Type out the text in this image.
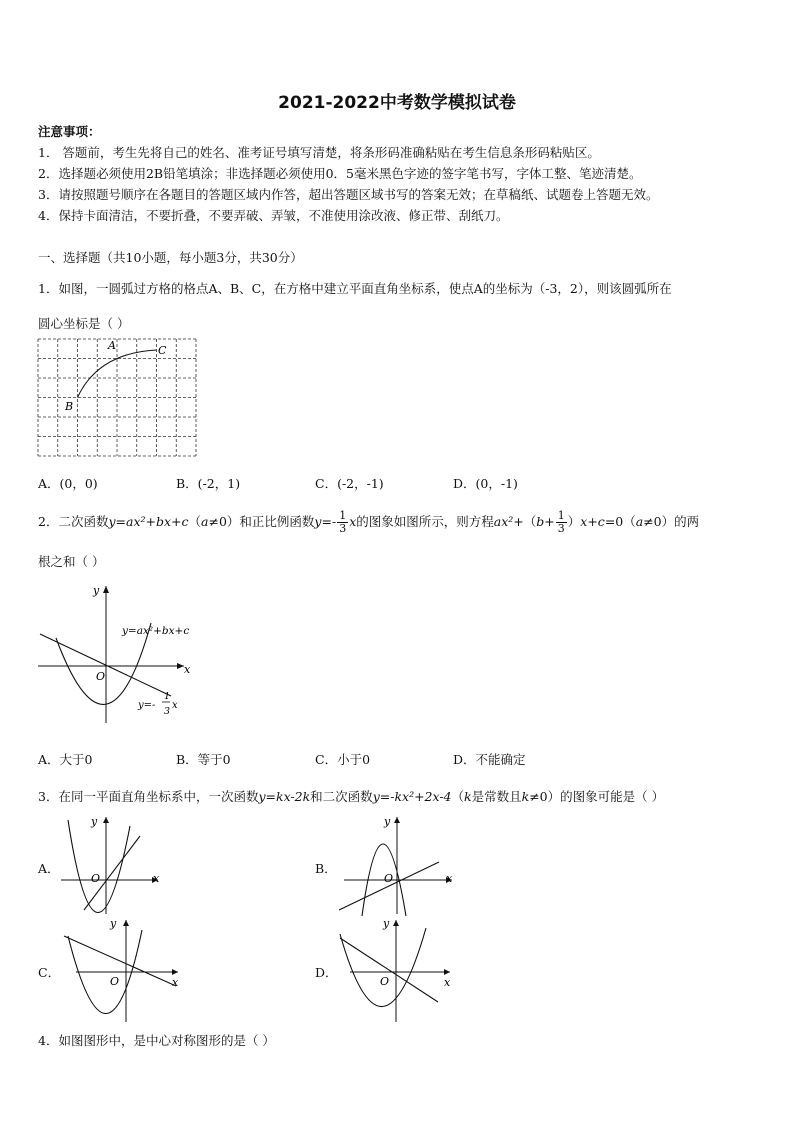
2021-2022中考数学模拟试卷
注意事项：
1． 答题前，考生先将自己的姓名、准考证号填写清楚，将条形码准确粘贴在考生信息条形码粘贴区。
2．选择题必须使用2B铅笔填涂；非选择题必须使用0．5毫米黑色字迹的签字笔书写，字体工整、笔迹清楚。
3．请按照题号顺序在各题目的答题区域内作答，超出答题区域书写的答案无效；在草稿纸、试题卷上答题无效。
4．保持卡面清洁，不要折叠，不要弄破、弄皱，不准使用涂改液、修正带、刮纸刀。
一、选择题（共10小题，每小题3分，共30分）
1．如图，一圆弧过方格的格点A、B、C，在方格中建立平面直角坐标系，使点A的坐标为（-3，2），则该圆弧所在
圆心坐标是（ ）
A	C
B
A．(0，0)	B．(-2，1)	C．(-2，-1)	D．(0，-1)
2．二次函数y=ax²+bx+c（a≠0）和正比例函数$y=- \frac{1}{3}$ x的图象如图所示，则方程$ax^2+(b+ \frac{1}{3} )x+c=0(a\ne 0)$的两
根之和（ ）
y
x
O
y=ax²+bx+c
y=-
1
3
x
A．大于0	B．等于0	C．小于0	D．不能确定
3．在同一平面直角坐标系中，一次函数y=kx-2k和二次函数y=-kx²+2x-4（k是常数且k≠0）的图象可能是（ ）
A．
y
x
O
B．
y
x
O
C．
y
x
O
D．
y
x
O
4．如图图形中，是中心对称图形的是（ ）
